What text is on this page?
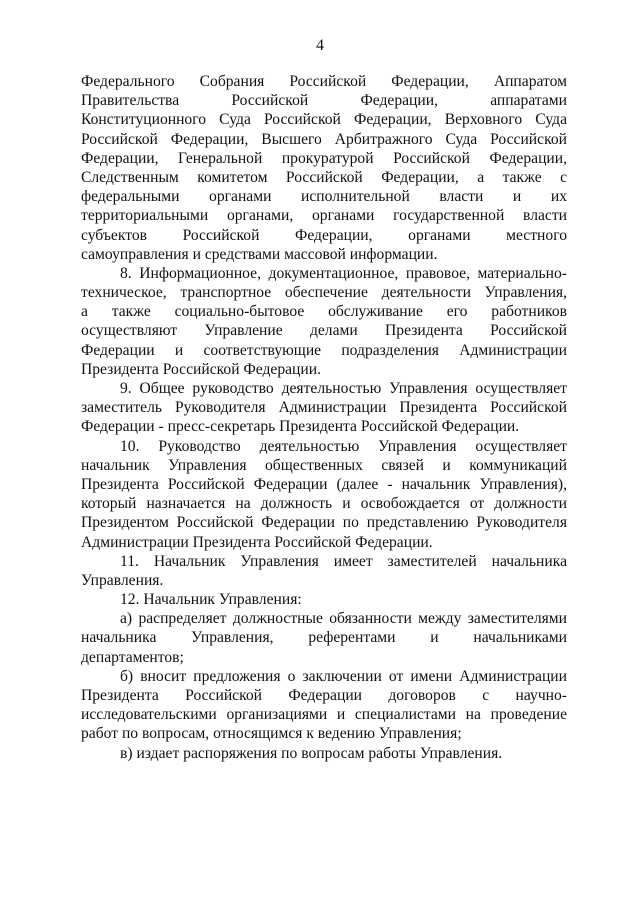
4
Федерального Собрания Российской Федерации, Аппаратом
Правительства Российской Федерации, аппаратами
Конституционного Суда Российской Федерации, Верховного Суда
Российской Федерации, Высшего Арбитражного Суда Российской
Федерации, Генеральной прокуратурой Российской Федерации,
Следственным комитетом Российской Федерации, а также с
федеральными органами исполнительной власти и их
территориальными органами, органами государственной власти
субъектов Российской Федерации, органами местного
самоуправления и средствами массовой информации.
8. Информационное, документационное, правовое, материально-
техническое, транспортное обеспечение деятельности Управления,
а также социально-бытовое обслуживание его работников
осуществляют Управление делами Президента Российской
Федерации и соответствующие подразделения Администрации
Президента Российской Федерации.
9. Общее руководство деятельностью Управления осуществляет
заместитель Руководителя Администрации Президента Российской
Федерации - пресс-секретарь Президента Российской Федерации.
10. Руководство деятельностью Управления осуществляет
начальник Управления общественных связей и коммуникаций
Президента Российской Федерации (далее - начальник Управления),
который назначается на должность и освобождается от должности
Президентом Российской Федерации по представлению Руководителя
Администрации Президента Российской Федерации.
11. Начальник Управления имеет заместителей начальника
Управления.
12. Начальник Управления:
а) распределяет должностные обязанности между заместителями
начальника Управления, референтами и начальниками
департаментов;
б) вносит предложения о заключении от имени Администрации
Президента Российской Федерации договоров с научно-
исследовательскими организациями и специалистами на проведение
работ по вопросам, относящимся к ведению Управления;
в) издает распоряжения по вопросам работы Управления.
